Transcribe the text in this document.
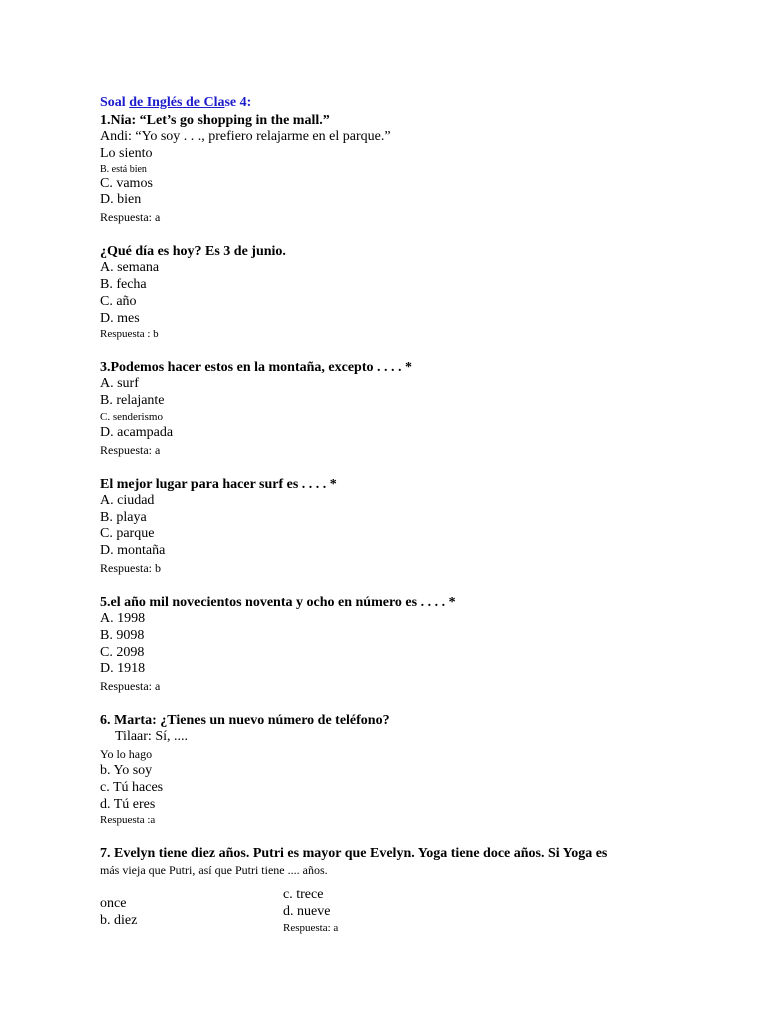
Soal de Inglés de Clase 4:
1.Nia: “Let’s go shopping in the mall.”
Andi: “Yo soy . . ., prefiero relajarme en el parque.”
Lo siento
B. está bien
C. vamos
D. bien
Respuesta: a
¿Qué día es hoy? Es 3 de junio.
A. semana
B. fecha
C. año
D. mes
Respuesta : b
3.Podemos hacer estos en la montaña, excepto . . . . *
A. surf
B. relajante
C. senderismo
D. acampada
Respuesta: a
El mejor lugar para hacer surf es . . . . *
A. ciudad
B. playa
C. parque
D. montaña
Respuesta: b
5.el año mil novecientos noventa y ocho en número es . . . . *
A. 1998
B. 9098
C. 2098
D. 1918
Respuesta: a
6. Marta: ¿Tienes un nuevo número de teléfono?
Tilaar: Sí, ....
Yo lo hago
b. Yo soy
c. Tú haces
d. Tú eres
Respuesta :a
7. Evelyn tiene diez años. Putri es mayor que Evelyn. Yoga tiene doce años. Si Yoga es
más vieja que Putri, así que Putri tiene .... años.
once
b. diez
c. trece
d. nueve
Respuesta: a
